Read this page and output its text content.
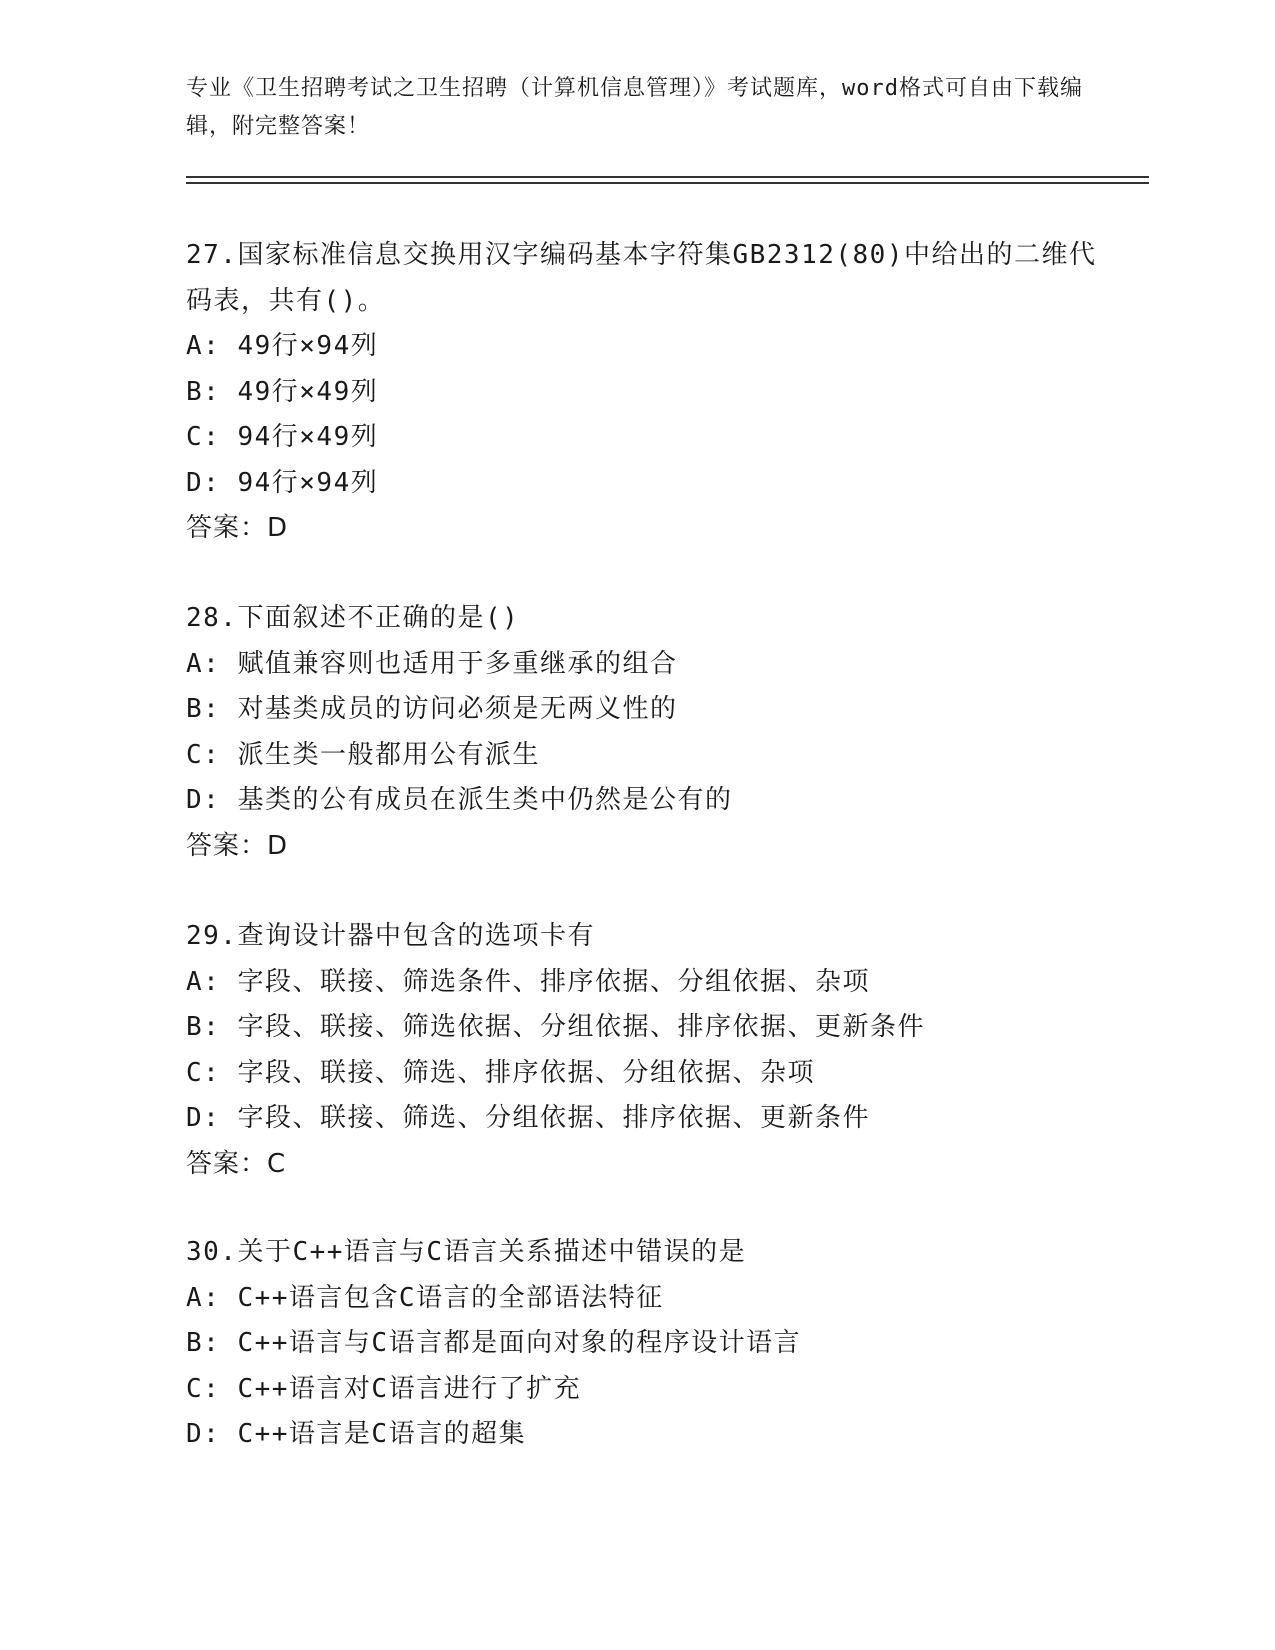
专业《卫生招聘考试之卫生招聘（计算机信息管理）》考试题库，word格式可自由下载编辑，附完整答案！
27.国家标准信息交换用汉字编码基本字符集GB2312(80)中给出的二维代码表，共有()。
A: 49行×94列
B: 49行×49列
C: 94行×49列
D: 94行×94列
答案：D
28.下面叙述不正确的是()
A: 赋值兼容则也适用于多重继承的组合
B: 对基类成员的访问必须是无两义性的
C: 派生类一般都用公有派生
D: 基类的公有成员在派生类中仍然是公有的
答案：D
29.查询设计器中包含的选项卡有
A: 字段、联接、筛选条件、排序依据、分组依据、杂项
B: 字段、联接、筛选依据、分组依据、排序依据、更新条件
C: 字段、联接、筛选、排序依据、分组依据、杂项
D: 字段、联接、筛选、分组依据、排序依据、更新条件
答案：C
30.关于C++语言与C语言关系描述中错误的是
A: C++语言包含C语言的全部语法特征
B: C++语言与C语言都是面向对象的程序设计语言
C: C++语言对C语言进行了扩充
D: C++语言是C语言的超集
